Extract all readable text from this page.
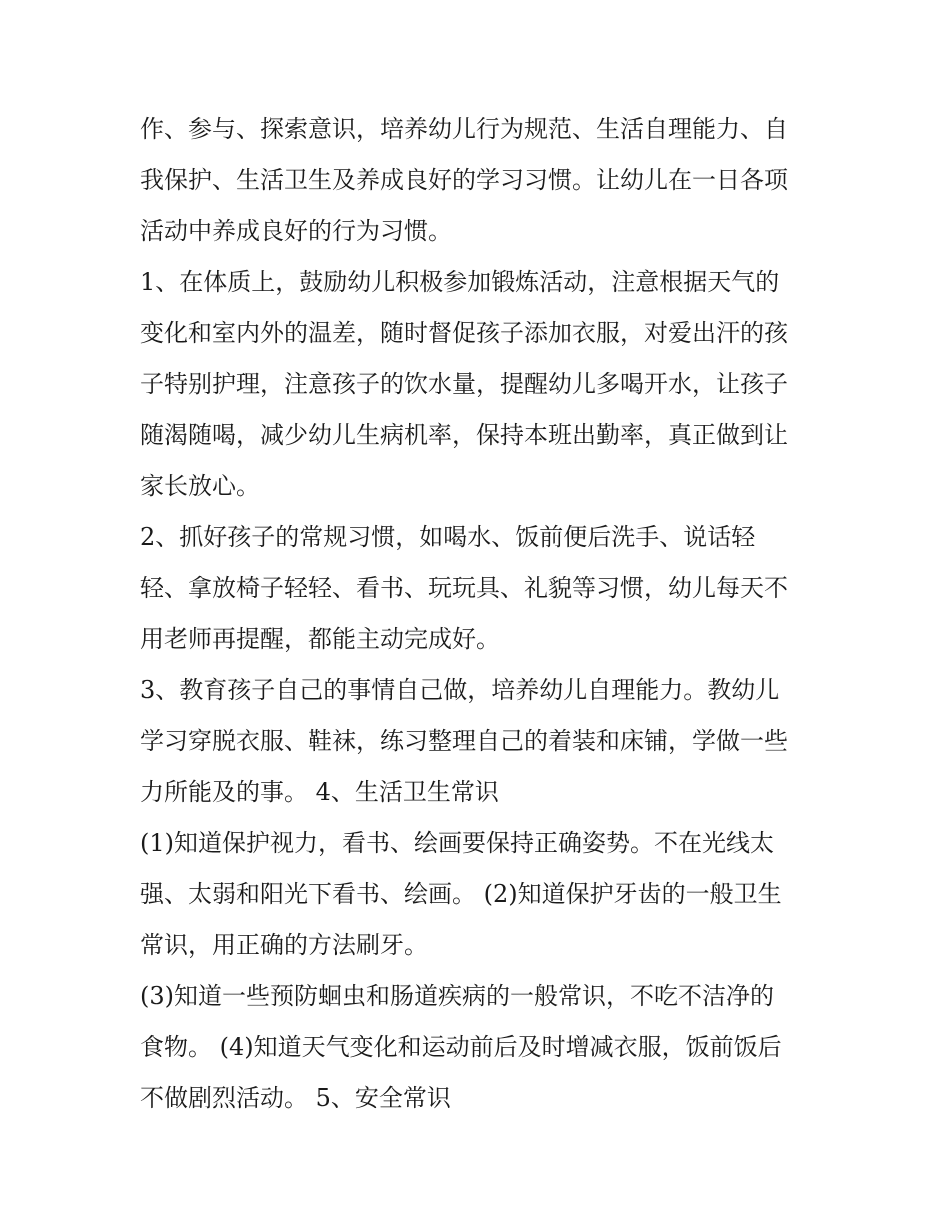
作、参与、探索意识，培养幼儿行为规范、生活自理能力、自
我保护、生活卫生及养成良好的学习习惯。让幼儿在一日各项
活动中养成良好的行为习惯。
1、在体质上，鼓励幼儿积极参加锻炼活动，注意根据天气的
变化和室内外的温差，随时督促孩子添加衣服，对爱出汗的孩
子特别护理，注意孩子的饮水量，提醒幼儿多喝开水，让孩子
随渴随喝，减少幼儿生病机率，保持本班出勤率，真正做到让
家长放心。
2、抓好孩子的常规习惯，如喝水、饭前便后洗手、说话轻
轻、拿放椅子轻轻、看书、玩玩具、礼貌等习惯，幼儿每天不
用老师再提醒，都能主动完成好。
3、教育孩子自己的事情自己做，培养幼儿自理能力。教幼儿
学习穿脱衣服、鞋袜，练习整理自己的着装和床铺，学做一些
力所能及的事。 4、生活卫生常识
(1)知道保护视力，看书、绘画要保持正确姿势。不在光线太
强、太弱和阳光下看书、绘画。 (2)知道保护牙齿的一般卫生
常识，用正确的方法刷牙。
(3)知道一些预防蛔虫和肠道疾病的一般常识，不吃不洁净的
食物。 (4)知道天气变化和运动前后及时增减衣服，饭前饭后
不做剧烈活动。 5、安全常识
